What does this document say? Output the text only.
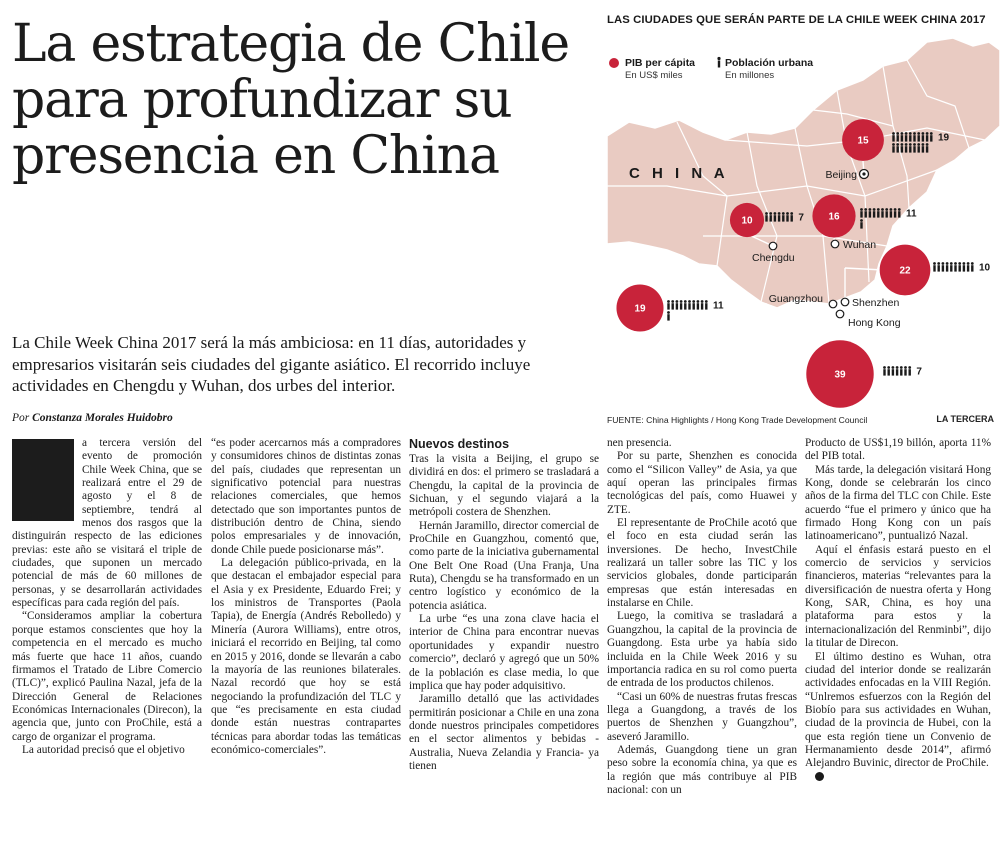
La estrategia de Chile para profundizar su presencia en China

La Chile Week China 2017 será la más ambiciosa: en 11 días, autoridades y empresarios visitarán seis ciudades del gigante asiático. El recorrido incluye actividades en Chengdu y Wuhan, dos urbes del interior.

Por Constanza Morales Huidobro

a tercera versión del evento de promoción Chile Week China, que se realizará entre el 29 de agosto y el 8 de septiembre, tendrá al menos dos rasgos que la distinguirán respecto de las ediciones previas: este año se visitará el triple de ciudades, que suponen un mercado potencial de más de 60 millones de personas, y se desarrollarán actividades específicas para cada región del país.

“Consideramos ampliar la cobertura porque estamos conscientes que hoy la competencia en el mercado es mucho más fuerte que hace 11 años, cuando firmamos el Tratado de Libre Comercio (TLC)”, explicó Paulina Nazal, jefa de la Dirección General de Relaciones Económicas Internacionales (Direcon), la agencia que, junto con ProChile, está a cargo de organizar el programa.

La autoridad precisó que el objetivo

“es poder acercarnos más a compradores y consumidores chinos de distintas zonas del país, ciudades que representan un significativo potencial para nuestras relaciones comerciales, que hemos detectado que son importantes puntos de distribución dentro de China, siendo polos empresariales y de innovación, donde Chile puede posicionarse más”.

La delegación público-privada, en la que destacan el embajador especial para el Asia y ex Presidente, Eduardo Frei; y los ministros de Transportes (Paola Tapia), de Energía (Andrés Rebolledo) y Minería (Aurora Williams), entre otros, iniciará el recorrido en Beijing, tal como en 2015 y 2016, donde se llevarán a cabo la mayoría de las reuniones bilaterales. Nazal recordó que hoy se está negociando la profundización del TLC y que “es precisamente en esta ciudad donde están nuestras contrapartes técnicas para abordar todas las temáticas económico-comerciales”.

Nuevos destinos

Tras la visita a Beijing, el grupo se dividirá en dos: el primero se trasladará a Chengdu, la capital de la provincia de Sichuan, y el segundo viajará a la metrópoli costera de Shenzhen.

Hernán Jaramillo, director comercial de ProChile en Guangzhou, comentó que, como parte de la iniciativa gubernamental One Belt One Road (Una Franja, Una Ruta), Chengdu se ha transformado en un centro logístico y económico de la potencia asiática.

La urbe “es una zona clave hacia el interior de China para encontrar nuevas oportunidades y expandir nuestro comercio”, declaró y agregó que un 50% de la población es clase media, lo que implica que hay poder adquisitivo.

Jaramillo detalló que las actividades permitirán posicionar a Chile en una zona donde nuestros principales competidores en el sector alimentos y bebidas -Australia, Nueva Zelandia y Francia- ya tienen

nen presencia.

Por su parte, Shenzhen es conocida como el “Silicon Valley” de Asia, ya que aquí operan las principales firmas tecnológicas del país, como Huawei y ZTE.

El representante de ProChile acotó que el foco en esta ciudad serán las inversiones. De hecho, InvestChile realizará un taller sobre las TIC y los servicios globales, donde participarán empresas que están interesadas en instalarse en Chile.

Luego, la comitiva se trasladará a Guangzhou, la capital de la provincia de Guangdong. Esta urbe ya había sido incluida en la Chile Week 2016 y su importancia radica en su rol como puerta de entrada de los productos chilenos.

“Casi un 60% de nuestras frutas frescas llega a Guangdong, a través de los puertos de Shenzhen y Guangzhou”, aseveró Jaramillo.

Además, Guangdong tiene un gran peso sobre la economía china, ya que es la región que más contribuye al PIB nacional: con un

Producto de US$1,19 billón, aporta 11% del PIB total.

Más tarde, la delegación visitará Hong Kong, donde se celebrarán los cinco años de la firma del TLC con Chile. Este acuerdo “fue el primero y único que ha firmado Hong Kong con un país latinoamericano”, puntualizó Nazal.

Aquí el énfasis estará puesto en el comercio de servicios y servicios financieros, materias “relevantes para la diversificación de nuestra oferta y Hong Kong, SAR, China, es hoy una plataforma para estos y la internacionalización del Renminbi”, dijo la titular de Direcon.

El último destino es Wuhan, otra ciudad del interior donde se realizarán actividades enfocadas en la VIII Región. “Unlremos esfuerzos con la Región del Biobío para sus actividades en Wuhan, ciudad de la provincia de Hubei, con la que esta región tiene un Convenio de Hermanamiento desde 2014”, afirmó Alejandro Buvinic, director de ProChile.

LAS CIUDADES QUE SERÁN PARTE DE LA CHILE WEEK CHINA 2017
PIB per cápita
En US$ miles
Población urbana
En millones
C H I N A	Beijing
Chengdu
Wuhan
Shenzhen
Guangzhou
Hong Kong
15	19
10	7 16	11
22	10
19	11
39	7
FUENTE: China Highlights / Hong Kong Trade Development Council	LA TERCERA
